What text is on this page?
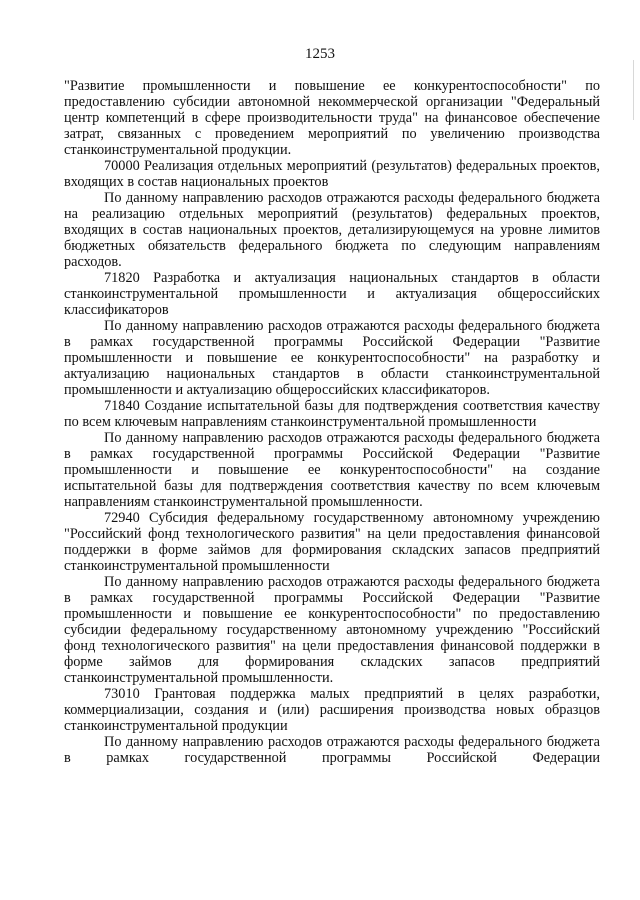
1253

"Развитие промышленности и повышение ее конкурентоспособности" по предоставлению субсидии автономной некоммерческой организации "Федеральный центр компетенций в сфере производительности труда" на финансовое обеспечение затрат, связанных с проведением мероприятий по увеличению производства станкоинструментальной продукции.

70000 Реализация отдельных мероприятий (результатов) федеральных проектов, входящих в состав национальных проектов

По данному направлению расходов отражаются расходы федерального бюджета на реализацию отдельных мероприятий (результатов) федеральных проектов, входящих в состав национальных проектов, детализирующемуся на уровне лимитов бюджетных обязательств федерального бюджета по следующим направлениям расходов.

71820 Разработка и актуализация национальных стандартов в области станкоинструментальной промышленности и актуализация общероссийских классификаторов

По данному направлению расходов отражаются расходы федерального бюджета в рамках государственной программы Российской Федерации "Развитие промышленности и повышение ее конкурентоспособности" на разработку и актуализацию национальных стандартов в области станкоинструментальной промышленности и актуализацию общероссийских классификаторов.

71840 Создание испытательной базы для подтверждения соответствия качеству по всем ключевым направлениям станкоинструментальной промышленности

По данному направлению расходов отражаются расходы федерального бюджета в рамках государственной программы Российской Федерации "Развитие промышленности и повышение ее конкурентоспособности" на создание испытательной базы для подтверждения соответствия качеству по всем ключевым направлениям станкоинструментальной промышленности.

72940 Субсидия федеральному государственному автономному учреждению "Российский фонд технологического развития" на цели предоставления финансовой поддержки в форме займов для формирования складских запасов предприятий станкоинструментальной промышленности

По данному направлению расходов отражаются расходы федерального бюджета в рамках государственной программы Российской Федерации "Развитие промышленности и повышение ее конкурентоспособности" по предоставлению субсидии федеральному государственному автономному учреждению "Российский фонд технологического развития" на цели предоставления финансовой поддержки в форме займов для формирования складских запасов предприятий станкоинструментальной промышленности.

73010 Грантовая поддержка малых предприятий в целях разработки, коммерциализации, создания и (или) расширения производства новых образцов станкоинструментальной продукции

По данному направлению расходов отражаются расходы федерального бюджета в рамках государственной программы Российской Федерации
